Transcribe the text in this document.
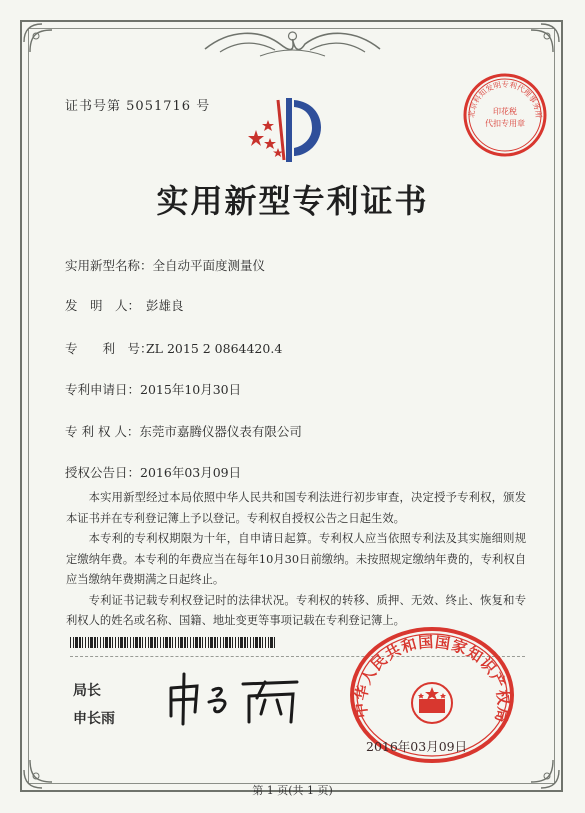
证书号第 5051716 号	北京科知发明专利代理事务所
印花税
代扣专用章
实用新型专利证书
实用新型名称：全自动平面度测量仪
发　明　人： 彭雄良
专　　利　号：ZL 2015 2 0864420.4
专利申请日：2015年10月30日
专 利 权 人：东莞市嘉腾仪器仪表有限公司
授权公告日：2016年03月09日

本实用新型经过本局依照中华人民共和国专利法进行初步审查，决定授予专利权，颁发本证书并在专利登记簿上予以登记。专利权自授权公告之日起生效。

本专利的专利权期限为十年，自申请日起算。专利权人应当依照专利法及其实施细则规定缴纳年费。本专利的年费应当在每年10月30日前缴纳。未按照规定缴纳年费的，专利权自应当缴纳年费期满之日起终止。

专利证书记载专利权登记时的法律状况。专利权的转移、质押、无效、终止、恢复和专利权人的姓名或名称、国籍、地址变更等事项记载在专利登记簿上。

局长
申长雨
中华人民共和国国家知识产权局
2016年03月09日
第 1 页(共 1 页)
